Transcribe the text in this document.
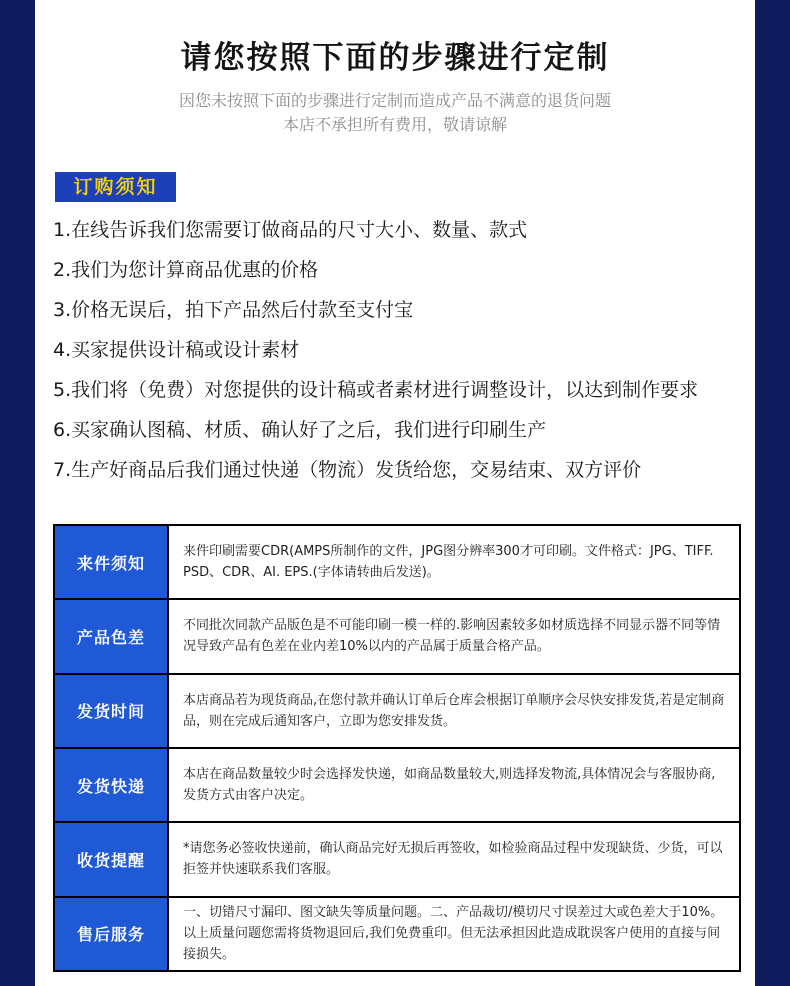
请您按照下面的步骤进行定制
因您未按照下面的步骤进行定制而造成产品不满意的退货问题
本店不承担所有费用，敬请谅解
订购须知
1.在线告诉我们您需要订做商品的尺寸大小、数量、款式
2.我们为您计算商品优惠的价格
3.价格无误后，拍下产品然后付款至支付宝
4.买家提供设计稿或设计素材
5.我们将（免费）对您提供的设计稿或者素材进行调整设计，以达到制作要求
6.买家确认图稿、材质、确认好了之后，我们进行印刷生产
7.生产好商品后我们通过快递（物流）发货给您，交易结束、双方评价
来件须知
来件印刷需要CDR(AMPS所制作的文件，JPG图分辨率300才可印刷。文件格式：JPG、TIFF. PSD、CDR、AI. EPS.(字体请转曲后发送)。
产品色差
不同批次同款产品版色是不可能印刷一模一样的.影响因素较多如材质选择不同显示器不同等情况导致产品有色差在业内差10%以内的产品属于质量合格产品。
发货时间
本店商品若为现货商品,在您付款并确认订单后仓库会根据订单顺序会尽快安排发货,若是定制商品，则在完成后通知客户，立即为您安排发货。
发货快递
本店在商品数量较少时会选择发快递，如商品数量较大,则选择发物流,具体情况会与客服协商,发货方式由客户决定。
收货提醒
*请您务必签收快递前，确认商品完好无损后再签收，如检验商品过程中发现缺货、少货，可以拒签并快速联系我们客服。
售后服务
一、切错尺寸漏印、图文缺失等质量问题。二、产品裁切/模切尺寸误差过大或色差大于10%。以上质量问题您需将货物退回后,我们免费重印。但无法承担因此造成耽误客户使用的直接与间接损失。
